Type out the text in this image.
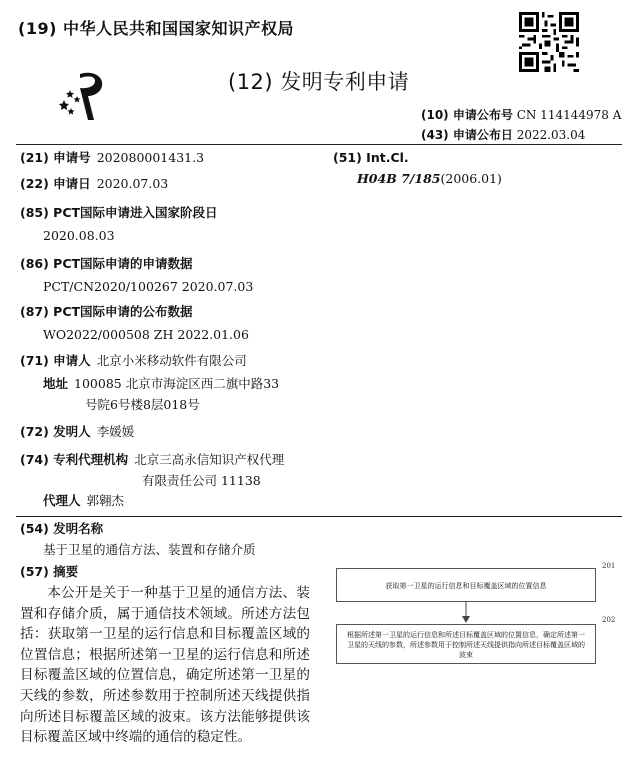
(19) 中华人民共和国国家知识产权局
(12) 发明专利申请
(10) 申请公布号 CN 114144978 A
(43) 申请公布日 2022.03.04
(21) 申请号 202080001431.3
(22) 申请日 2020.07.03
(85) PCT国际申请进入国家阶段日
2020.08.03
(86) PCT国际申请的申请数据
PCT/CN2020/100267 2020.07.03
(87) PCT国际申请的公布数据
WO2022/000508 ZH 2022.01.06
(71) 申请人 北京小米移动软件有限公司
地址 100085 北京市海淀区西二旗中路33
号院6号楼8层018号
(72) 发明人 李媛媛
(74) 专利代理机构 北京三高永信知识产权代理
有限责任公司 11138
代理人 郭翱杰
(51) Int.Cl.
H04B 7/185(2006.01)
(54) 发明名称
基于卫星的通信方法、装置和存储介质
(57) 摘要
本公开是关于一种基于卫星的通信方法、装置和存储介质，属于通信技术领域。所述方法包括：获取第一卫星的运行信息和目标覆盖区域的位置信息；根据所述第一卫星的运行信息和所述目标覆盖区域的位置信息，确定所述第一卫星的天线的参数，所述参数用于控制所述天线提供指向所述目标覆盖区域的波束。该方法能够提供该目标覆盖区域中终端的通信的稳定性。
获取第一卫星的运行信息和目标覆盖区域的位置信息
201
根据所述第一卫星的运行信息和所述目标覆盖区域的位置信息，确定所述第一
卫星的天线的参数，所述参数用于控制所述天线提供指向所述目标覆盖区域的
波束
202
